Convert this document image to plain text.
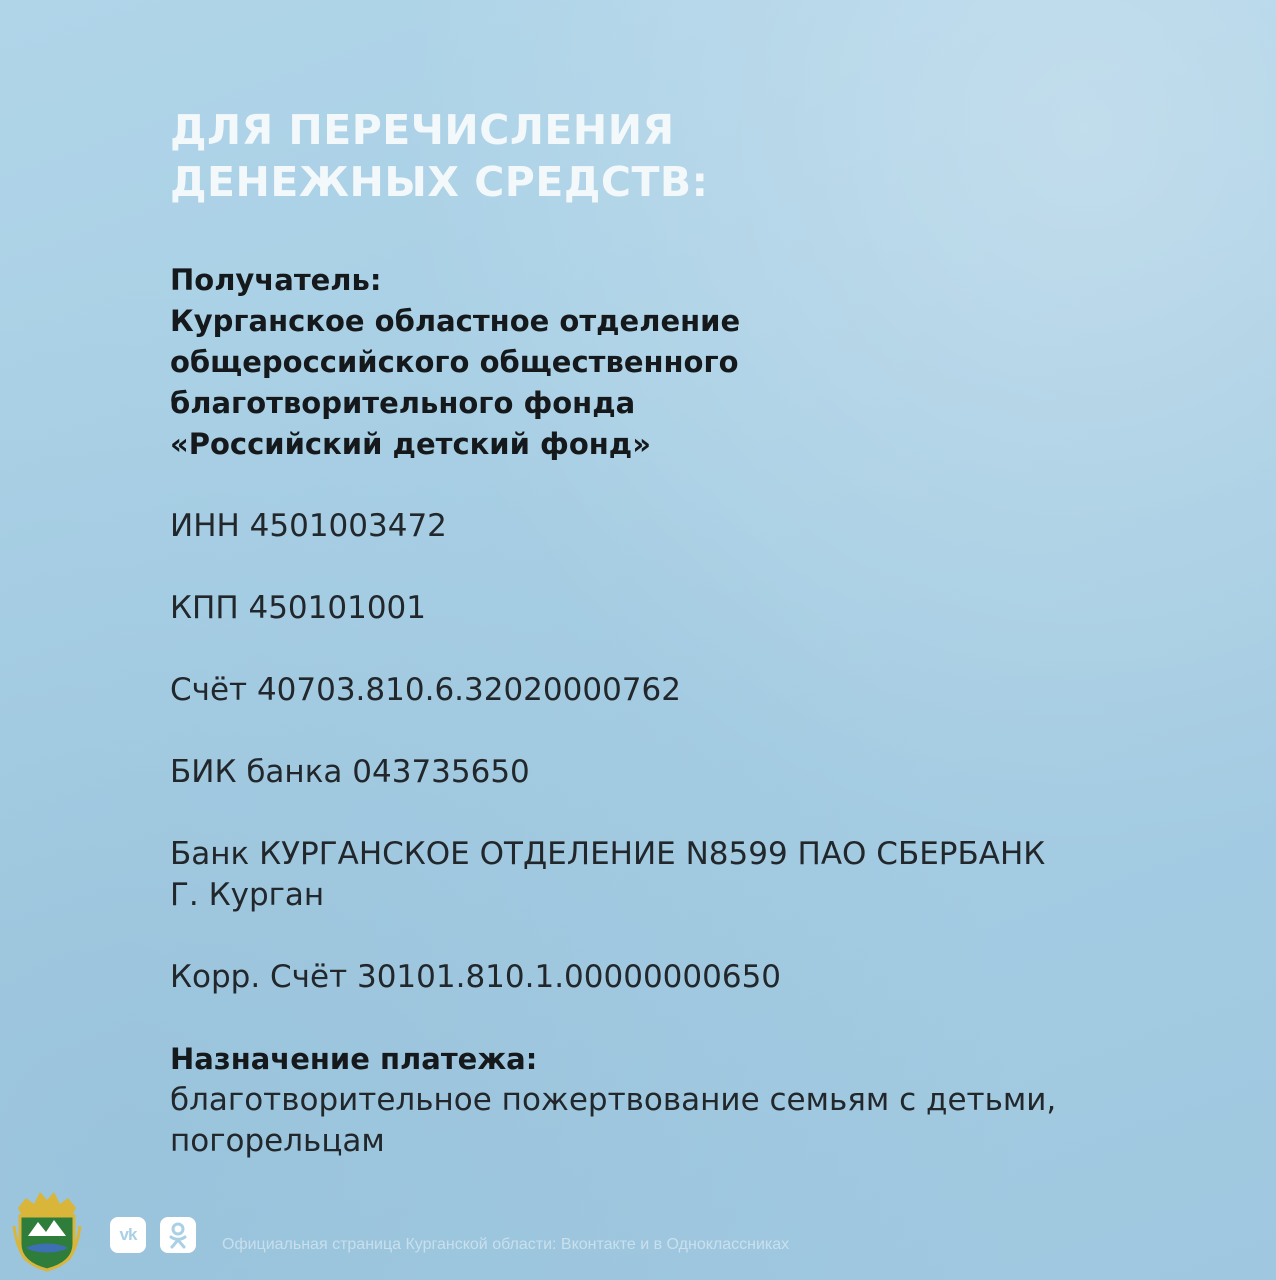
ДЛЯ ПЕРЕЧИСЛЕНИЯ
ДЕНЕЖНЫХ СРЕДСТВ:
Получатель:
Курганское областное отделение
общероссийского общественного
благотворительного фонда
«Российский детский фонд»
ИНН 4501003472
КПП 450101001
Счёт 40703.810.6.32020000762
БИК банка 043735650
Банк КУРГАНСКОЕ ОТДЕЛЕНИЕ N8599 ПАО СБЕРБАНК
Г. Курган
Корр. Счёт 30101.810.1.00000000650
Назначение платежа:
благотворительное пожертвование семьям с детьми,
погорельцам
vk
Официальная страница Курганской области: Вконтакте и в Одноклассниках
